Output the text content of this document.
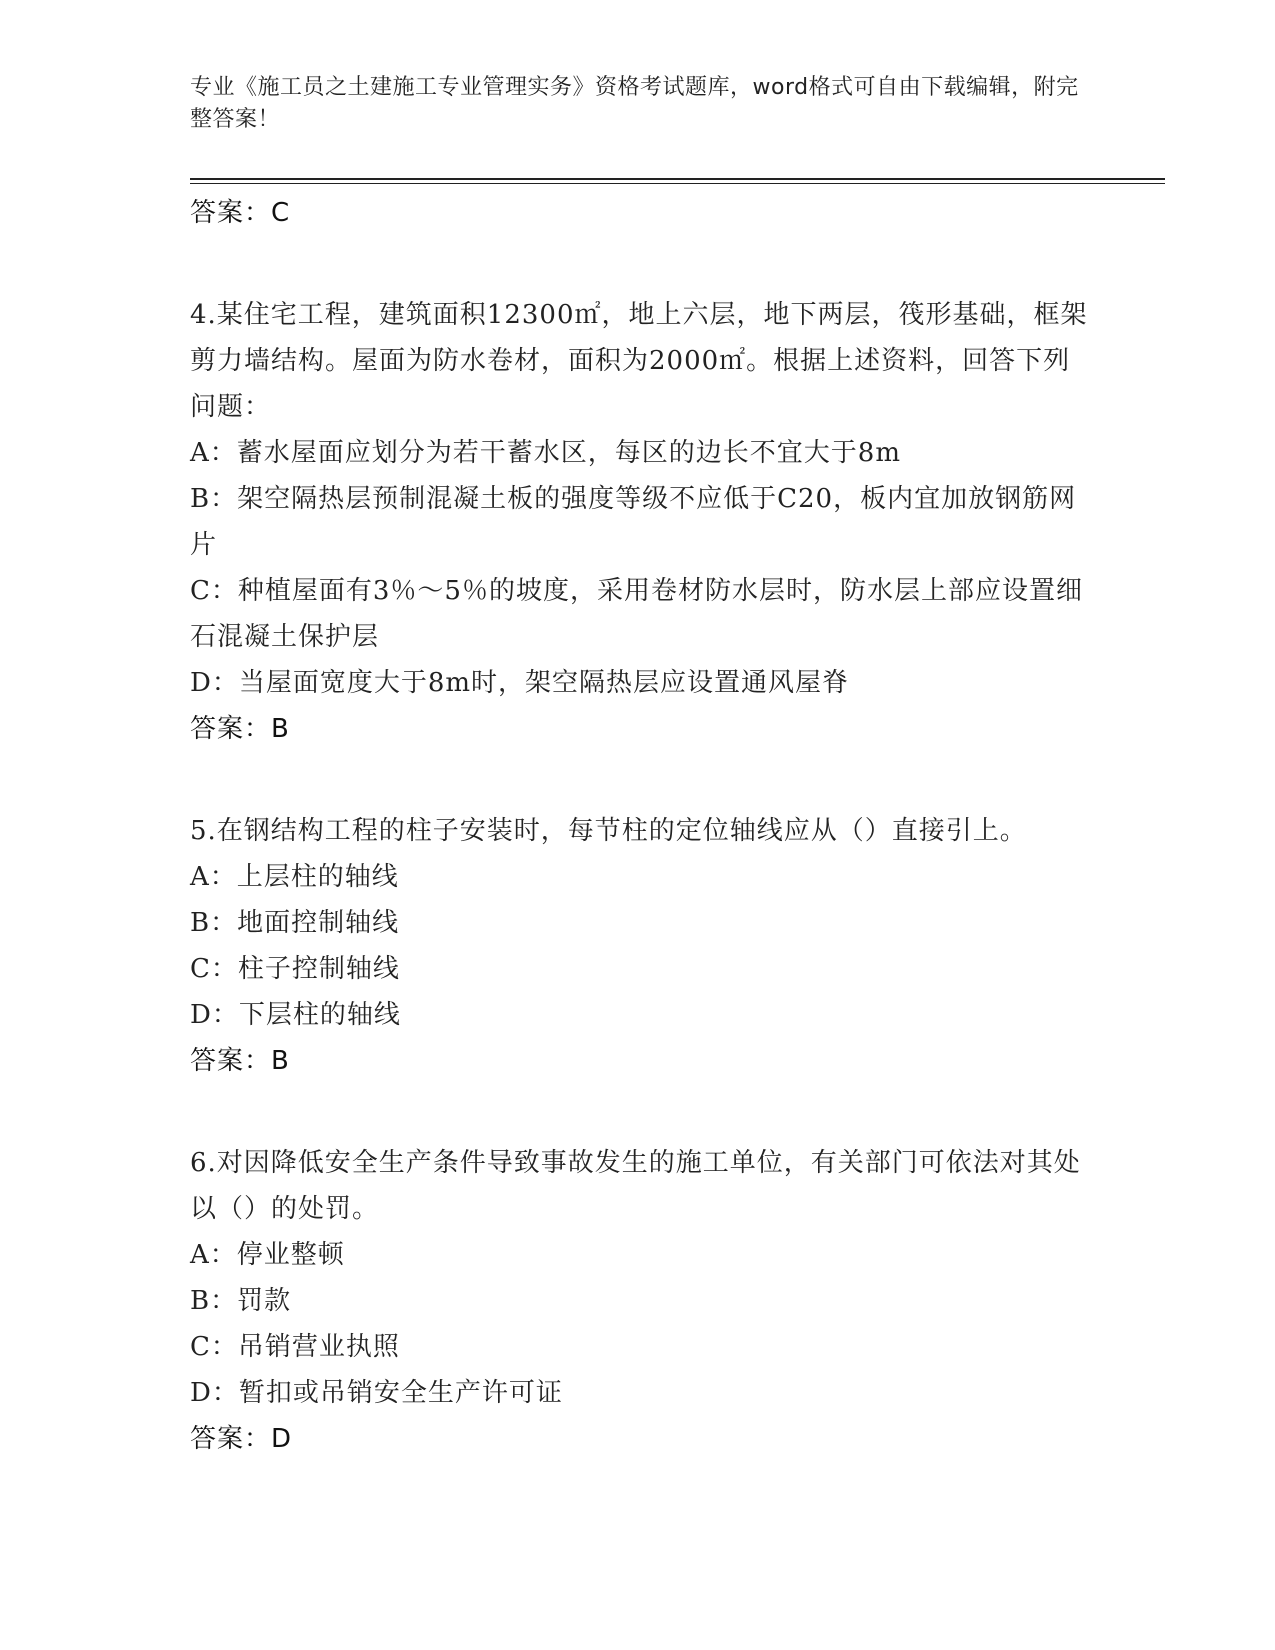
专业《施工员之土建施工专业管理实务》资格考试题库，word格式可自由下载编辑，附完整答案！
答案：C
4.某住宅工程，建筑面积12300㎡，地上六层，地下两层，筏形基础，框架剪力墙结构。屋面为防水卷材，面积为2000㎡。根据上述资料，回答下列问题：
A：蓄水屋面应划分为若干蓄水区，每区的边长不宜大于8m
B：架空隔热层预制混凝土板的强度等级不应低于C20，板内宜加放钢筋网片
C：种植屋面有3％～5％的坡度，采用卷材防水层时，防水层上部应设置细石混凝土保护层
D：当屋面宽度大于8m时，架空隔热层应设置通风屋脊
答案：B
5.在钢结构工程的柱子安装时，每节柱的定位轴线应从（）直接引上。
A：上层柱的轴线
B：地面控制轴线
C：柱子控制轴线
D：下层柱的轴线
答案：B
6.对因降低安全生产条件导致事故发生的施工单位，有关部门可依法对其处以（）的处罚。
A：停业整顿
B：罚款
C：吊销营业执照
D：暂扣或吊销安全生产许可证
答案：D
